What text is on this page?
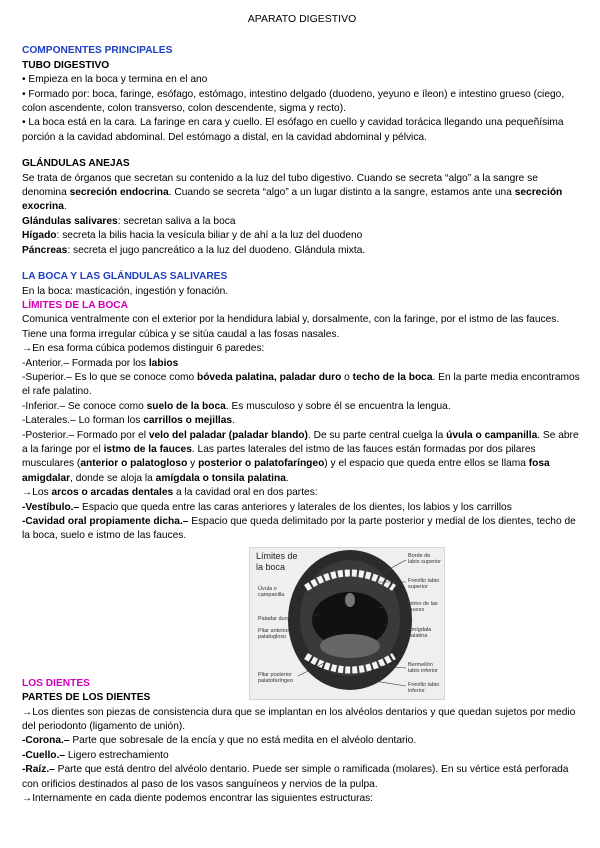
APARATO DIGESTIVO

COMPONENTES PRINCIPALES

TUBO DIGESTIVO

• Empieza en la boca y termina en el ano

• Formado por: boca, faringe, esófago, estómago, intestino delgado (duodeno, yeyuno e íleon) e intestino grueso (ciego, colon ascendente, colon transverso, colon descendente, sigma y recto).

• La boca está en la cara. La faringe en cara y cuello. El esófago en cuello y cavidad torácica llegando una pequeñísima porción a la cavidad abdominal. Del estómago a distal, en la cavidad abdominal y pélvica.

GLÁNDULAS ANEJAS

Se trata de órganos que secretan su contenido a la luz del tubo digestivo. Cuando se secreta “algo” a la sangre se denomina secreción endocrina. Cuando se secreta “algo” a un lugar distinto a la sangre, estamos ante una secreción exocrina.

Glándulas salivares: secretan saliva a la boca

Hígado: secreta la bilis hacia la vesícula biliar y de ahí a la luz del duodeno

Páncreas: secreta el jugo pancreático a la luz del duodeno. Glándula mixta.

LA BOCA Y LAS GLÁNDULAS SALIVARES

En la boca: masticación, ingestión y fonación.

LÍMITES DE LA BOCA

Comunica ventralmente con el exterior por la hendidura labial y, dorsalmente, con la faringe, por el istmo de las fauces. Tiene una forma irregular cúbica y se sitúa caudal a las fosas nasales.

→En esa forma cúbica podemos distinguir 6 paredes:

-Anterior.– Formada por los labios

-Superior.– Es lo que se conoce como bóveda palatina, paladar duro o techo de la boca. En la parte media encontramos el rafe palatino.

-Inferior.– Se conoce como suelo de la boca. Es musculoso y sobre él se encuentra la lengua.

-Laterales.– Lo forman los carrillos o mejillas.

-Posterior.– Formado por el velo del paladar (paladar blando). De su parte central cuelga la úvula o campanilla. Se abre a la faringe por el istmo de la fauces. Las partes laterales del istmo de las fauces están formadas por dos pilares musculares (anterior o palatogloso y posterior o palatofaríngeo) y el espacio que queda entre ellos se llama fosa amigdalar, donde se aloja la amígdala o tonsila palatina.

→Los arcos o arcadas dentales a la cavidad oral en dos partes:

-Vestíbulo.– Espacio que queda entre las caras anteriores y laterales de los dientes, los labios y los carrillos

-Cavidad oral propiamente dicha.– Espacio que queda delimitado por la parte posterior y medial de los dientes, techo de la boca, suelo e istmo de las fauces.

LOS DIENTES

PARTES DE LOS DIENTES

→Los dientes son piezas de consistencia dura que se implantan en los alvéolos dentarios y que quedan sujetos por medio del periodonto (ligamento de unión).

-Corona.– Parte que sobresale de la encía y que no está medita en el alvéolo dentario.

-Cuello.– Ligero estrechamiento

-Raíz.– Parte que está dentro del alvéolo dentario. Puede ser simple o ramificada (molares). En su vértice está perforada con orificios destinados al paso de los vasos sanguíneos y nervios de la pulpa.

→Internamente en cada diente podemos encontrar las siguientes estructuras:

Límites de
la boca
Borde de labio superior
Frenillo labio superior
Istmo de las fauces
Amígdala palatina
Bermellón labio inferior
Frenillo labio inferior
Úvula o campanilla
Paladar duro
Pilar anterior palatogloso
Pilar posterior palatofaríngeo
